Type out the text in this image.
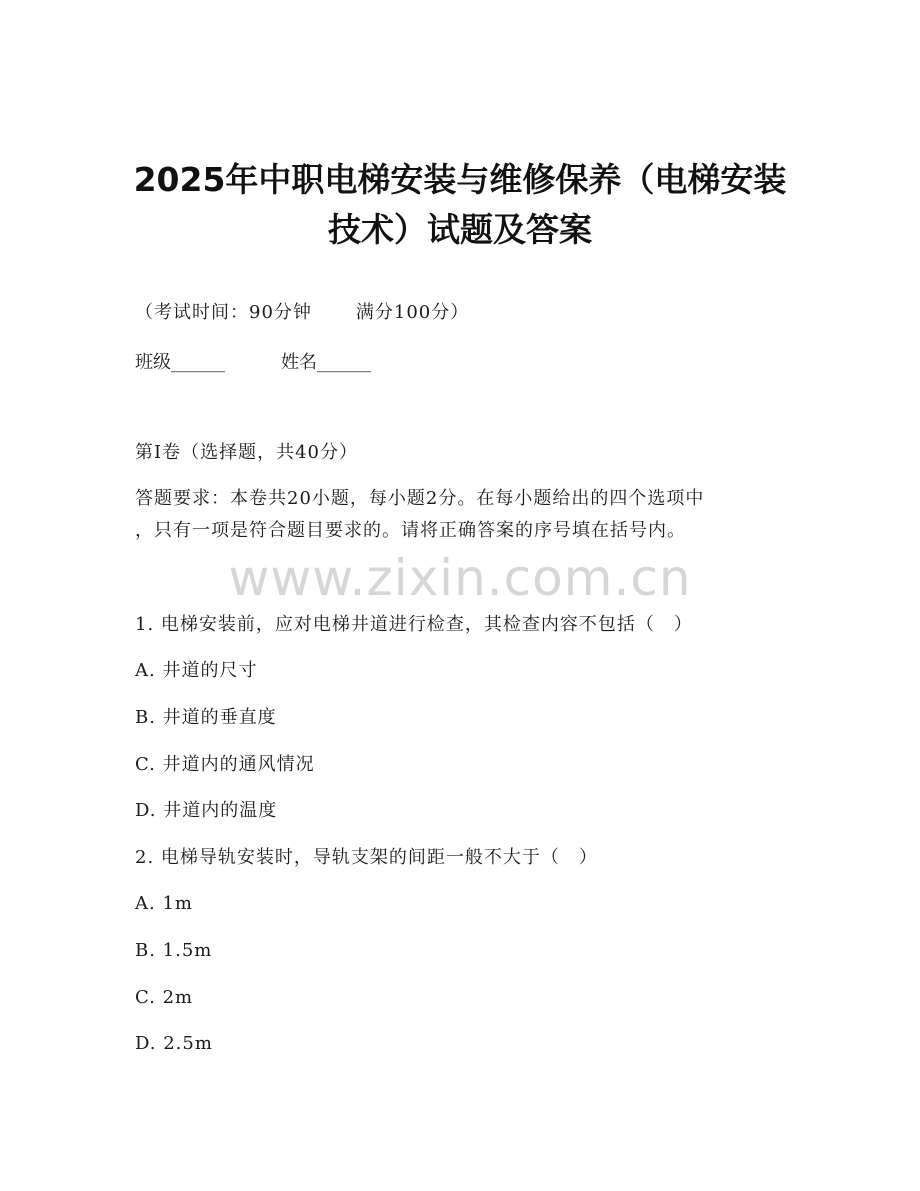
2025年中职电梯安装与维修保养（电梯安装
技术）试题及答案
（考试时间：90分钟 满分100分）
班级______	姓名______
第I卷（选择题，共40分）
答题要求：本卷共20小题，每小题2分。在每小题给出的四个选项中
，只有一项是符合题目要求的。请将正确答案的序号填在括号内。
www.zixin.com.cn
1. 电梯安装前，应对电梯井道进行检查，其检查内容不包括（　）
A. 井道的尺寸
B. 井道的垂直度
C. 井道内的通风情况
D. 井道内的温度
2. 电梯导轨安装时，导轨支架的间距一般不大于（　）
A. 1m
B. 1.5m
C. 2m
D. 2.5m
